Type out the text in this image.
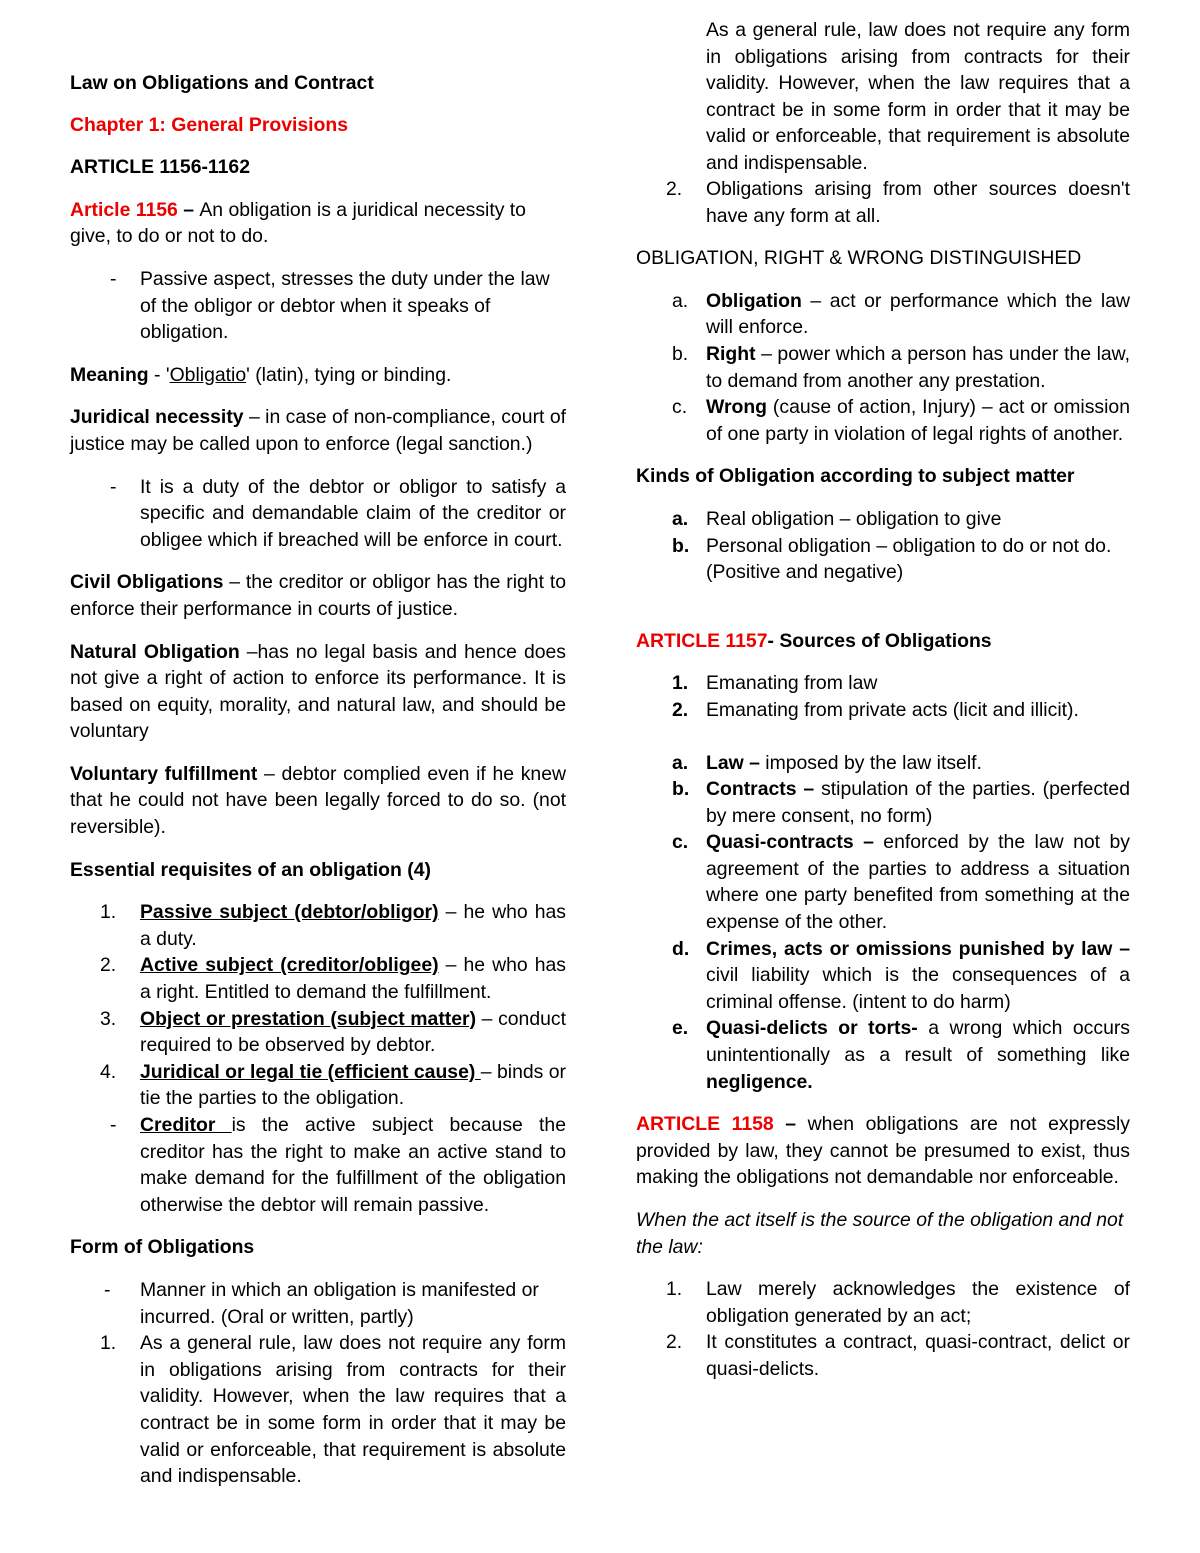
Law on Obligations and Contract

Chapter 1: General Provisions

ARTICLE 1156-1162

Article 1156 – An obligation is a juridical necessity to give, to do or not to do.

- Passive aspect, stresses the duty under the law of the obligor or debtor when it speaks of obligation.

Meaning - 'Obligatio' (latin), tying or binding.

Juridical necessity – in case of non-compliance, court of justice may be called upon to enforce (legal sanction.)

- It is a duty of the debtor or obligor to satisfy a specific and demandable claim of the creditor or obligee which if breached will be enforce in court.

Civil Obligations – the creditor or obligor has the right to enforce their performance in courts of justice.

Natural Obligation –has no legal basis and hence does not give a right of action to enforce its performance. It is based on equity, morality, and natural law, and should be voluntary

Voluntary fulfillment – debtor complied even if he knew that he could not have been legally forced to do so. (not reversible).

Essential requisites of an obligation (4)

1. Passive subject (debtor/obligor) – he who has a duty.
2. Active subject (creditor/obligee) – he who has a right. Entitled to demand the fulfillment.
3. Object or prestation (subject matter) – conduct required to be observed by debtor.
4. Juridical or legal tie (efficient cause) – binds or tie the parties to the obligation.
- Creditor is the active subject because the creditor has the right to make an active stand to make demand for the fulfillment of the obligation otherwise the debtor will remain passive.

Form of Obligations

- Manner in which an obligation is manifested or incurred. (Oral or written, partly)
1. As a general rule, law does not require any form in obligations arising from contracts for their validity. However, when the law requires that a contract be in some form in order that it may be valid or enforceable, that requirement is absolute and indispensable.
As a general rule, law does not require any form in obligations arising from contracts for their validity. However, when the law requires that a contract be in some form in order that it may be valid or enforceable, that requirement is absolute and indispensable.
2. Obligations arising from other sources doesn't have any form at all.

OBLIGATION, RIGHT & WRONG DISTINGUISHED

a. Obligation – act or performance which the law will enforce.
b. Right – power which a person has under the law, to demand from another any prestation.
c. Wrong (cause of action, Injury) – act or omission of one party in violation of legal rights of another.

Kinds of Obligation according to subject matter

a. Real obligation – obligation to give
b. Personal obligation – obligation to do or not do. (Positive and negative)

ARTICLE 1157- Sources of Obligations

1. Emanating from law
2. Emanating from private acts (licit and illicit).
a. Law – imposed by the law itself.
b. Contracts – stipulation of the parties. (perfected by mere consent, no form)
c. Quasi-contracts – enforced by the law not by agreement of the parties to address a situation where one party benefited from something at the expense of the other.
d. Crimes, acts or omissions punished by law – civil liability which is the consequences of a criminal offense. (intent to do harm)
e. Quasi-delicts or torts- a wrong which occurs unintentionally as a result of something like negligence.

ARTICLE 1158 – when obligations are not expressly provided by law, they cannot be presumed to exist, thus making the obligations not demandable nor enforceable.

When the act itself is the source of the obligation and not the law:

1. Law merely acknowledges the existence of obligation generated by an act;
2. It constitutes a contract, quasi-contract, delict or quasi-delicts.
